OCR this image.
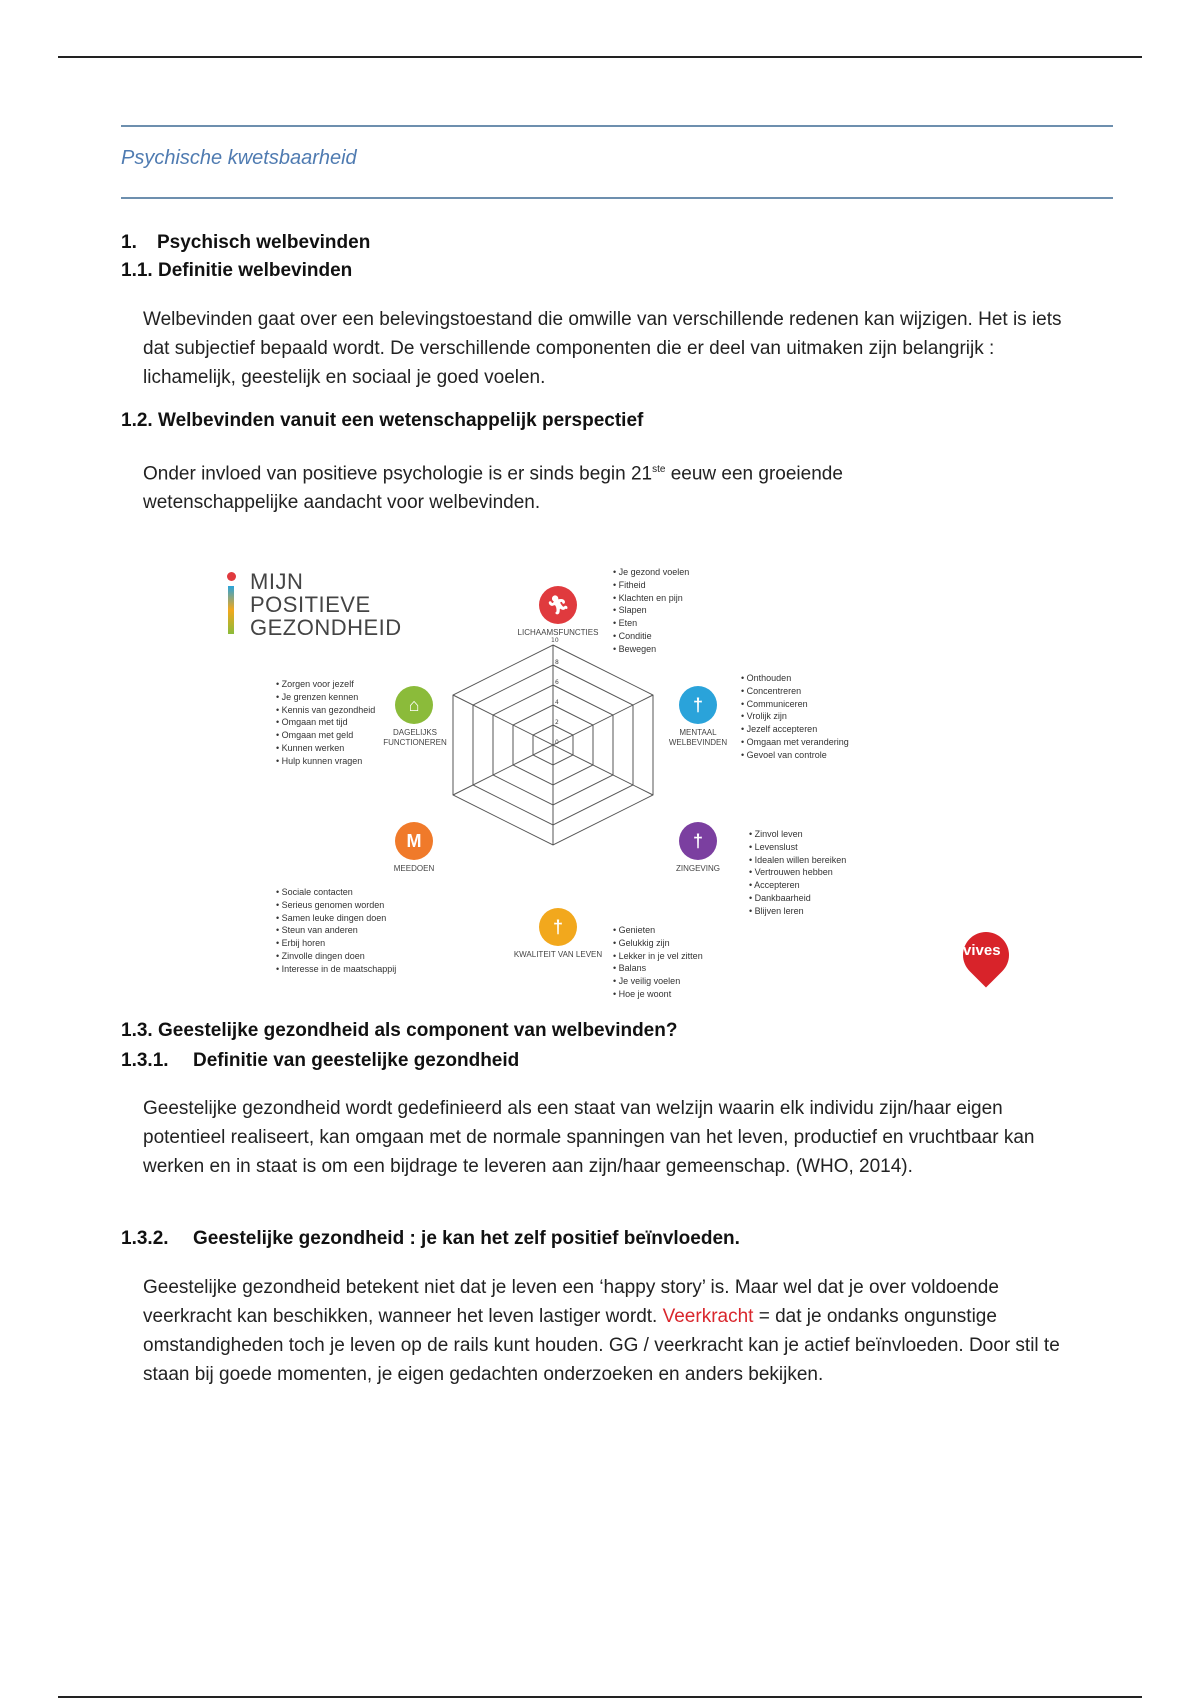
Psychische kwetsbaarheid
1. Psychisch welbevinden
1.1. Definitie welbevinden
Welbevinden gaat over een belevingstoestand die omwille van verschillende redenen kan wijzigen. Het is iets dat subjectief bepaald wordt. De verschillende componenten die er deel van uitmaken zijn belangrijk : lichamelijk, geestelijk en sociaal je goed voelen.
1.2. Welbevinden vanuit een wetenschappelijk perspectief
Onder invloed van positieve psychologie is er sinds begin 21ste eeuw een groeiende wetenschappelijke aandacht voor welbevinden.
MIJN
POSITIEVE
GEZONDHEID
10
8
6
4
2
0
🏃︎
LICHAAMSFUNCTIES
• Je gezond voelen
• Fitheid
• Klachten en pijn
• Slapen
• Eten
• Conditie
• Bewegen
†
MENTAAL WELBEVINDEN
• Onthouden
• Concentreren
• Communiceren
• Vrolijk zijn
• Jezelf accepteren
• Omgaan met verandering
• Gevoel van controle
†
ZINGEVING
• Zinvol leven
• Levenslust
• Idealen willen bereiken
• Vertrouwen hebben
• Accepteren
• Dankbaarheid
• Blijven leren
†
KWALITEIT VAN LEVEN
• Genieten
• Gelukkig zijn
• Lekker in je vel zitten
• Balans
• Je veilig voelen
• Hoe je woont
M
MEEDOEN
• Sociale contacten
• Serieus genomen worden
• Samen leuke dingen doen
• Steun van anderen
• Erbij horen
• Zinvolle dingen doen
• Interesse in de maatschappij
⌂
DAGELIJKS FUNCTIONEREN
• Zorgen voor jezelf
• Je grenzen kennen
• Kennis van gezondheid
• Omgaan met tijd
• Omgaan met geld
• Kunnen werken
• Hulp kunnen vragen
vives
1.3. Geestelijke gezondheid als component van welbevinden?
1.3.1. Definitie van geestelijke gezondheid
Geestelijke gezondheid wordt gedefinieerd als een staat van welzijn waarin elk individu zijn/haar eigen potentieel realiseert, kan omgaan met de normale spanningen van het leven, productief en vruchtbaar kan werken en in staat is om een bijdrage te leveren aan zijn/haar gemeenschap. (WHO, 2014).
1.3.2. Geestelijke gezondheid : je kan het zelf positief beïnvloeden.
Geestelijke gezondheid betekent niet dat je leven een ‘happy story’ is. Maar wel dat je over voldoende veerkracht kan beschikken, wanneer het leven lastiger wordt. Veerkracht = dat je ondanks ongunstige omstandigheden toch je leven op de rails kunt houden. GG / veerkracht kan je actief beïnvloeden. Door stil te staan bij goede momenten, je eigen gedachten onderzoeken en anders bekijken.
